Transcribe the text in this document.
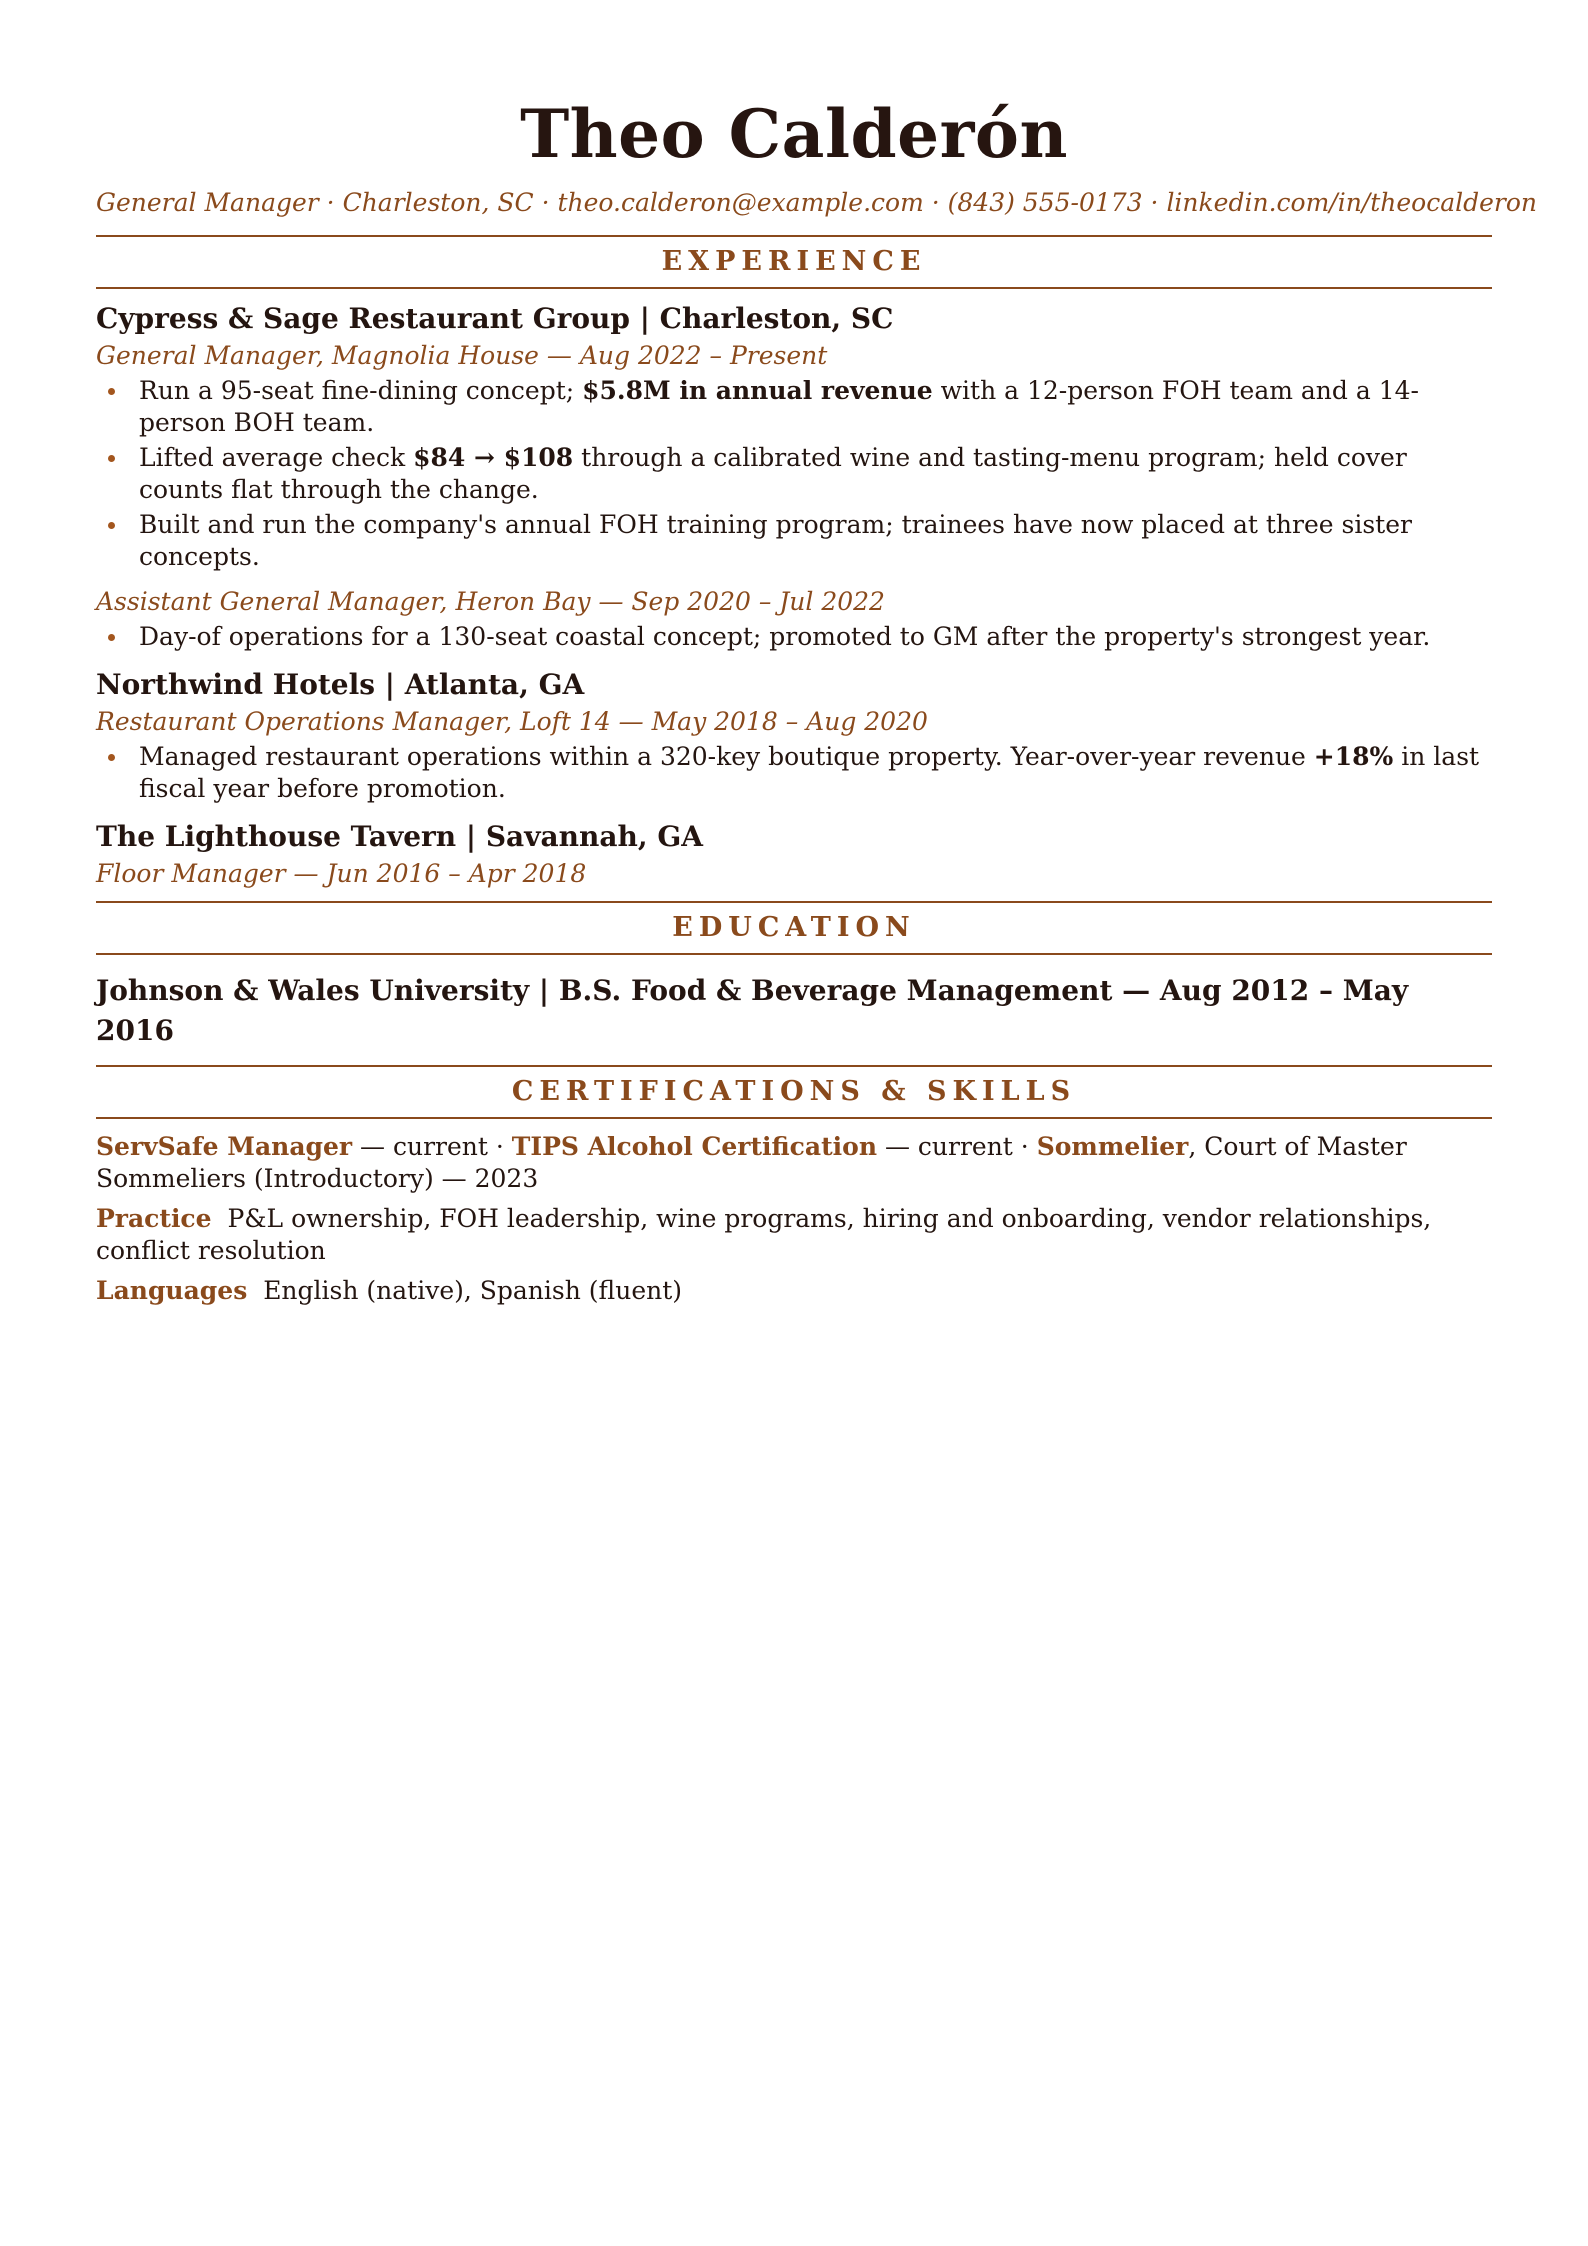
Theo Calderón
General Manager · Charleston, SC · theo.calderon@example.com · (843) 555-0173 · linkedin.com/in/theocalderon
EXPERIENCE
Cypress & Sage Restaurant Group | Charleston, SC
General Manager, Magnolia House — Aug 2022 – Present
Run a 95-seat fine-dining concept; $5.8M in annual revenue with a 12-person FOH team and a 14-person BOH team.
Lifted average check $84 → $108 through a calibrated wine and tasting-menu program; held cover counts flat through the change.
Built and run the company's annual FOH training program; trainees have now placed at three sister concepts.
Assistant General Manager, Heron Bay — Sep 2020 – Jul 2022
Day-of operations for a 130-seat coastal concept; promoted to GM after the property's strongest year.
Northwind Hotels | Atlanta, GA
Restaurant Operations Manager, Loft 14 — May 2018 – Aug 2020
Managed restaurant operations within a 320-key boutique property. Year-over-year revenue +18% in last fiscal year before promotion.
The Lighthouse Tavern | Savannah, GA
Floor Manager — Jun 2016 – Apr 2018
EDUCATION
Johnson & Wales University | B.S. Food & Beverage Management — Aug 2012 – May 2016
CERTIFICATIONS & SKILLS
ServSafe Manager — current · TIPS Alcohol Certification — current · Sommelier, Court of Master Sommeliers (Introductory) — 2023
Practice P&L ownership, FOH leadership, wine programs, hiring and onboarding, vendor relationships, conflict resolution
Languages English (native), Spanish (fluent)
